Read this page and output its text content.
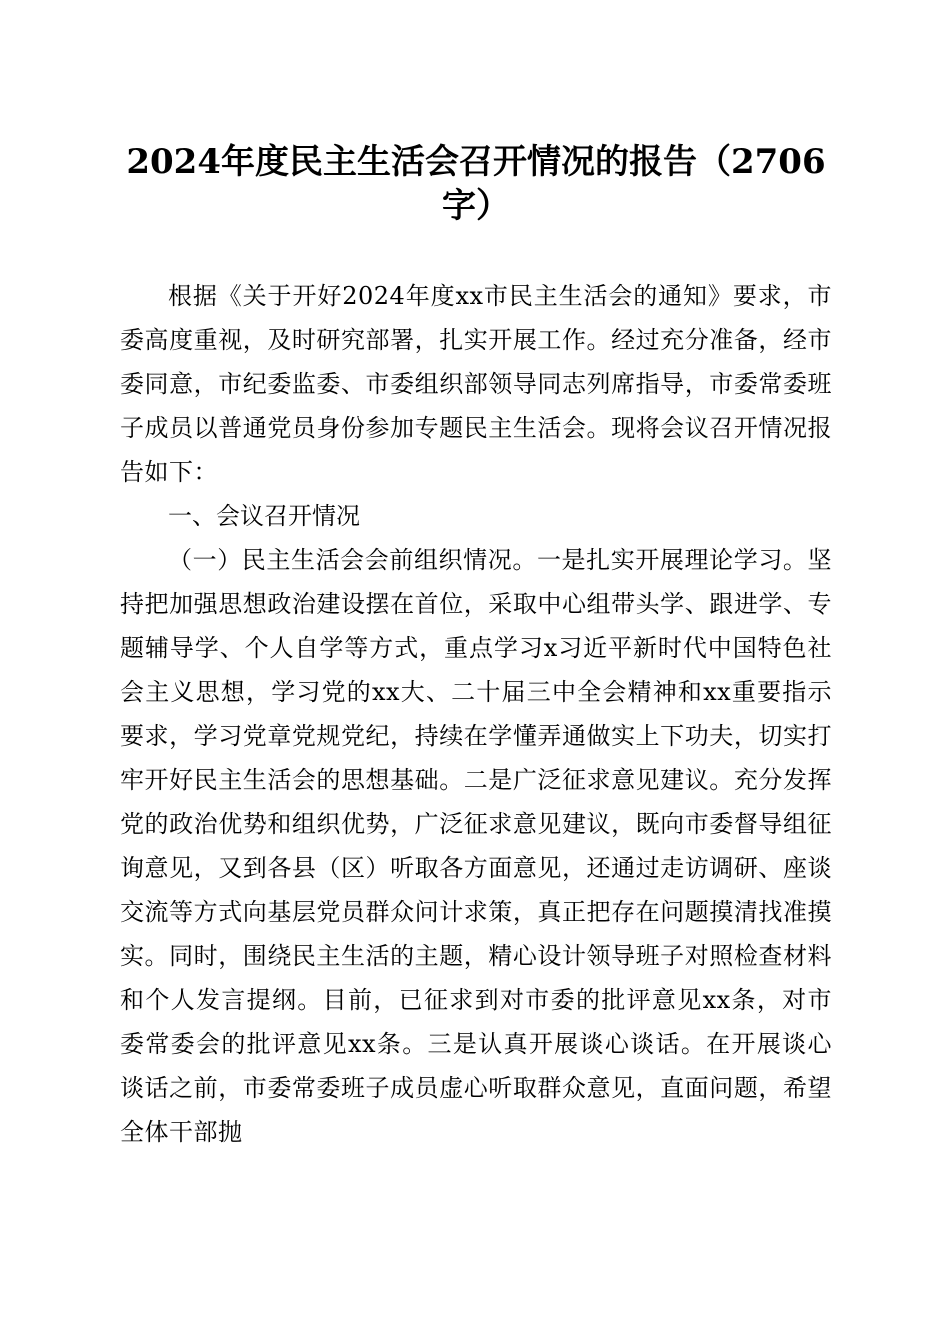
2024年度民主生活会召开情况的报告（2706字）

根据《关于开好2024年度xx市民主生活会的通知》要求，市委高度重视，及时研究部署，扎实开展工作。经过充分准备，经市委同意，市纪委监委、市委组织部领导同志列席指导，市委常委班子成员以普通党员身份参加专题民主生活会。现将会议召开情况报告如下：

一、会议召开情况

（一）民主生活会会前组织情况。一是扎实开展理论学习。坚持把加强思想政治建设摆在首位，采取中心组带头学、跟进学、专题辅导学、个人自学等方式，重点学习x习近平新时代中国特色社会主义思想，学习党的xx大、二十届三中全会精神和xx重要指示要求，学习党章党规党纪，持续在学懂弄通做实上下功夫，切实打牢开好民主生活会的思想基础。二是广泛征求意见建议。充分发挥党的政治优势和组织优势，广泛征求意见建议，既向市委督导组征询意见，又到各县（区）听取各方面意见，还通过走访调研、座谈交流等方式向基层党员群众问计求策，真正把存在问题摸清找准摸实。同时，围绕民主生活的主题，精心设计领导班子对照检查材料和个人发言提纲。目前，已征求到对市委的批评意见xx条，对市委常委会的批评意见xx条。三是认真开展谈心谈话。在开展谈心谈话之前，市委常委班子成员虚心听取群众意见，直面问题，希望全体干部抛
